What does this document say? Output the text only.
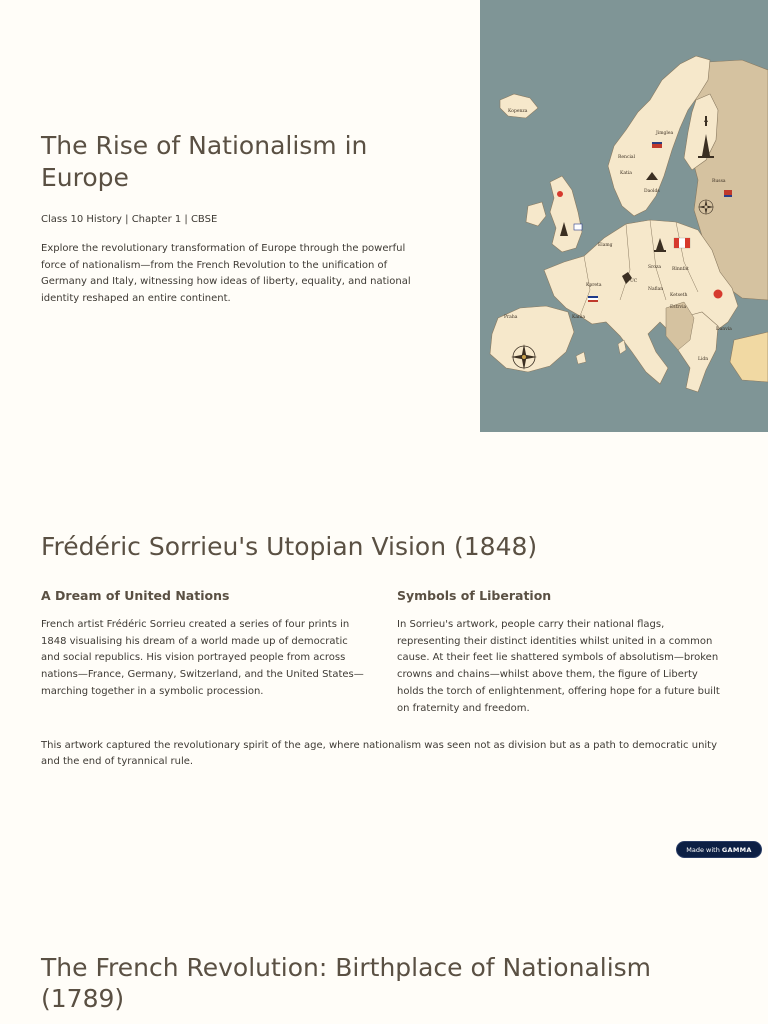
The Rise of Nationalism in Europe

Class 10 History | Chapter 1 | CBSE

Explore the revolutionary transformation of Europe through the powerful force of nationalism—from the French Revolution to the unification of Germany and Italy, witnessing how ideas of liberty, equality, and national identity reshaped an entire continent.

Kopenza
Jimglea
Rencial
Katia
Daolds
Kpreta
Elamg
Sroza Rlnnfat
UC
Naflan
Ketseth
Praha	Kania
Danvia
Lidn
Russa
Estrvia
Frédéric Sorrieu's Utopian Vision (1848)
A Dream of United Nations

French artist Frédéric Sorrieu created a series of four prints in 1848 visualising his dream of a world made up of democratic and social republics. His vision portrayed people from across nations—France, Germany, Switzerland, and the United States—marching together in a symbolic procession.

Symbols of Liberation

In Sorrieu's artwork, people carry their national flags, representing their distinct identities whilst united in a common cause. At their feet lie shattered symbols of absolutism—broken crowns and chains—whilst above them, the figure of Liberty holds the torch of enlightenment, offering hope for a future built on fraternity and freedom.

This artwork captured the revolutionary spirit of the age, where nationalism was seen not as division but as a path to democratic unity and the end of tyrannical rule.

Made with GAMMA
The French Revolution: Birthplace of Nationalism (1789)
